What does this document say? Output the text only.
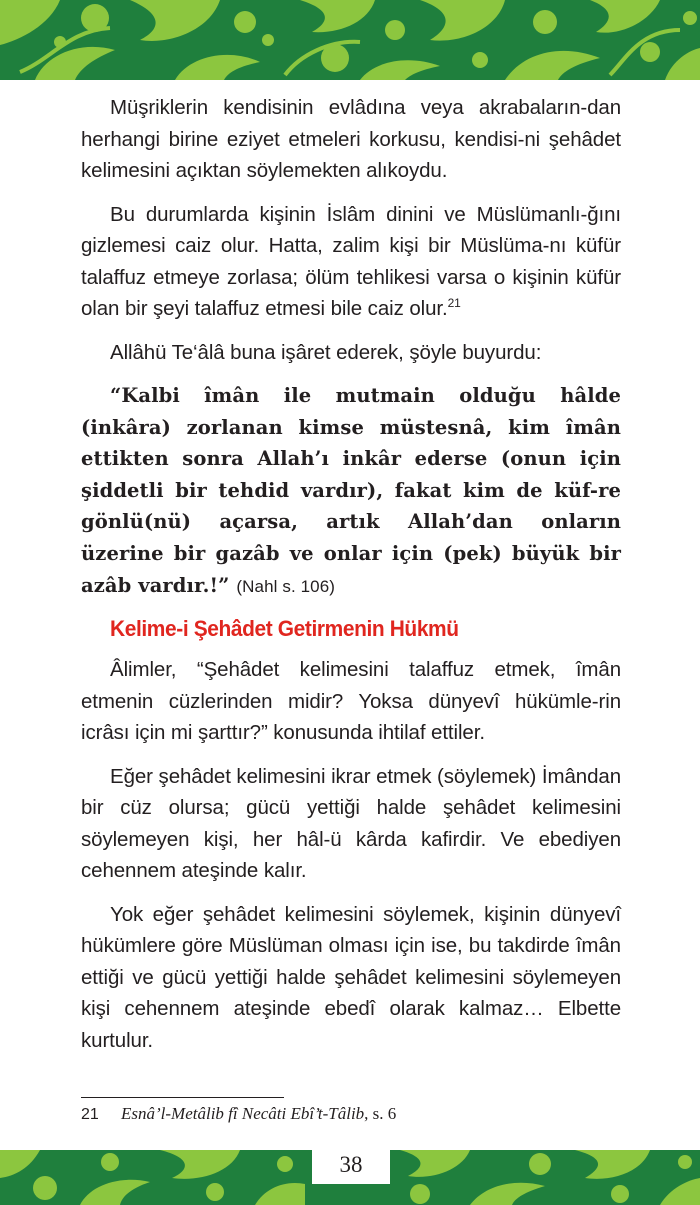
Müşriklerin kendisinin evlâdına veya akrabaların-dan herhangi birine eziyet etmeleri korkusu, kendisi-ni şehâdet kelimesini açıktan söylemekten alıkoydu.

Bu durumlarda kişinin İslâm dinini ve Müslümanlı-ğını gizlemesi caiz olur. Hatta, zalim kişi bir Müslüma-nı küfür talaffuz etmeye zorlasa; ölüm tehlikesi varsa o kişinin küfür olan bir şeyi talaffuz etmesi bile caiz olur.$^{21}$

Allâhü Te‘âlâ buna işâret ederek, şöyle buyurdu:

“Kalbi îmân ile mutmain olduğu hâlde (inkâra) zorlanan kimse müstesnâ, kim îmân ettikten sonra Allah’ı inkâr ederse (onun için şiddetli bir tehdid vardır), fakat kim de küf-re gönlü(nü) açarsa, artık Allah’dan onların üzerine bir gazâb ve onlar için (pek) büyük bir azâb vardır.!” (Nahl s. 106)

Kelime-i Şehâdet Getirmenin Hükmü

Âlimler, “Şehâdet kelimesini talaffuz etmek, îmân etmenin cüzlerinden midir? Yoksa dünyevî hükümle-rin icrâsı için mi şarttır?” konusunda ihtilaf ettiler.

Eğer şehâdet kelimesini ikrar etmek (söylemek) İmândan bir cüz olursa; gücü yettiği halde şehâdet kelimesini söylemeyen kişi, her hâl-ü kârda kafirdir. Ve ebediyen cehennem ateşinde kalır.

Yok eğer şehâdet kelimesini söylemek, kişinin dünyevî hükümlere göre Müslüman olması için ise, bu takdirde îmân ettiği ve gücü yettiği halde şehâdet kelimesini söylemeyen kişi cehennem ateşinde ebedî olarak kalmaz… Elbette kurtulur.

21 Esnâ’l-Metâlib fî Necâti Ebî’t-Tâlib, s. 6
38
